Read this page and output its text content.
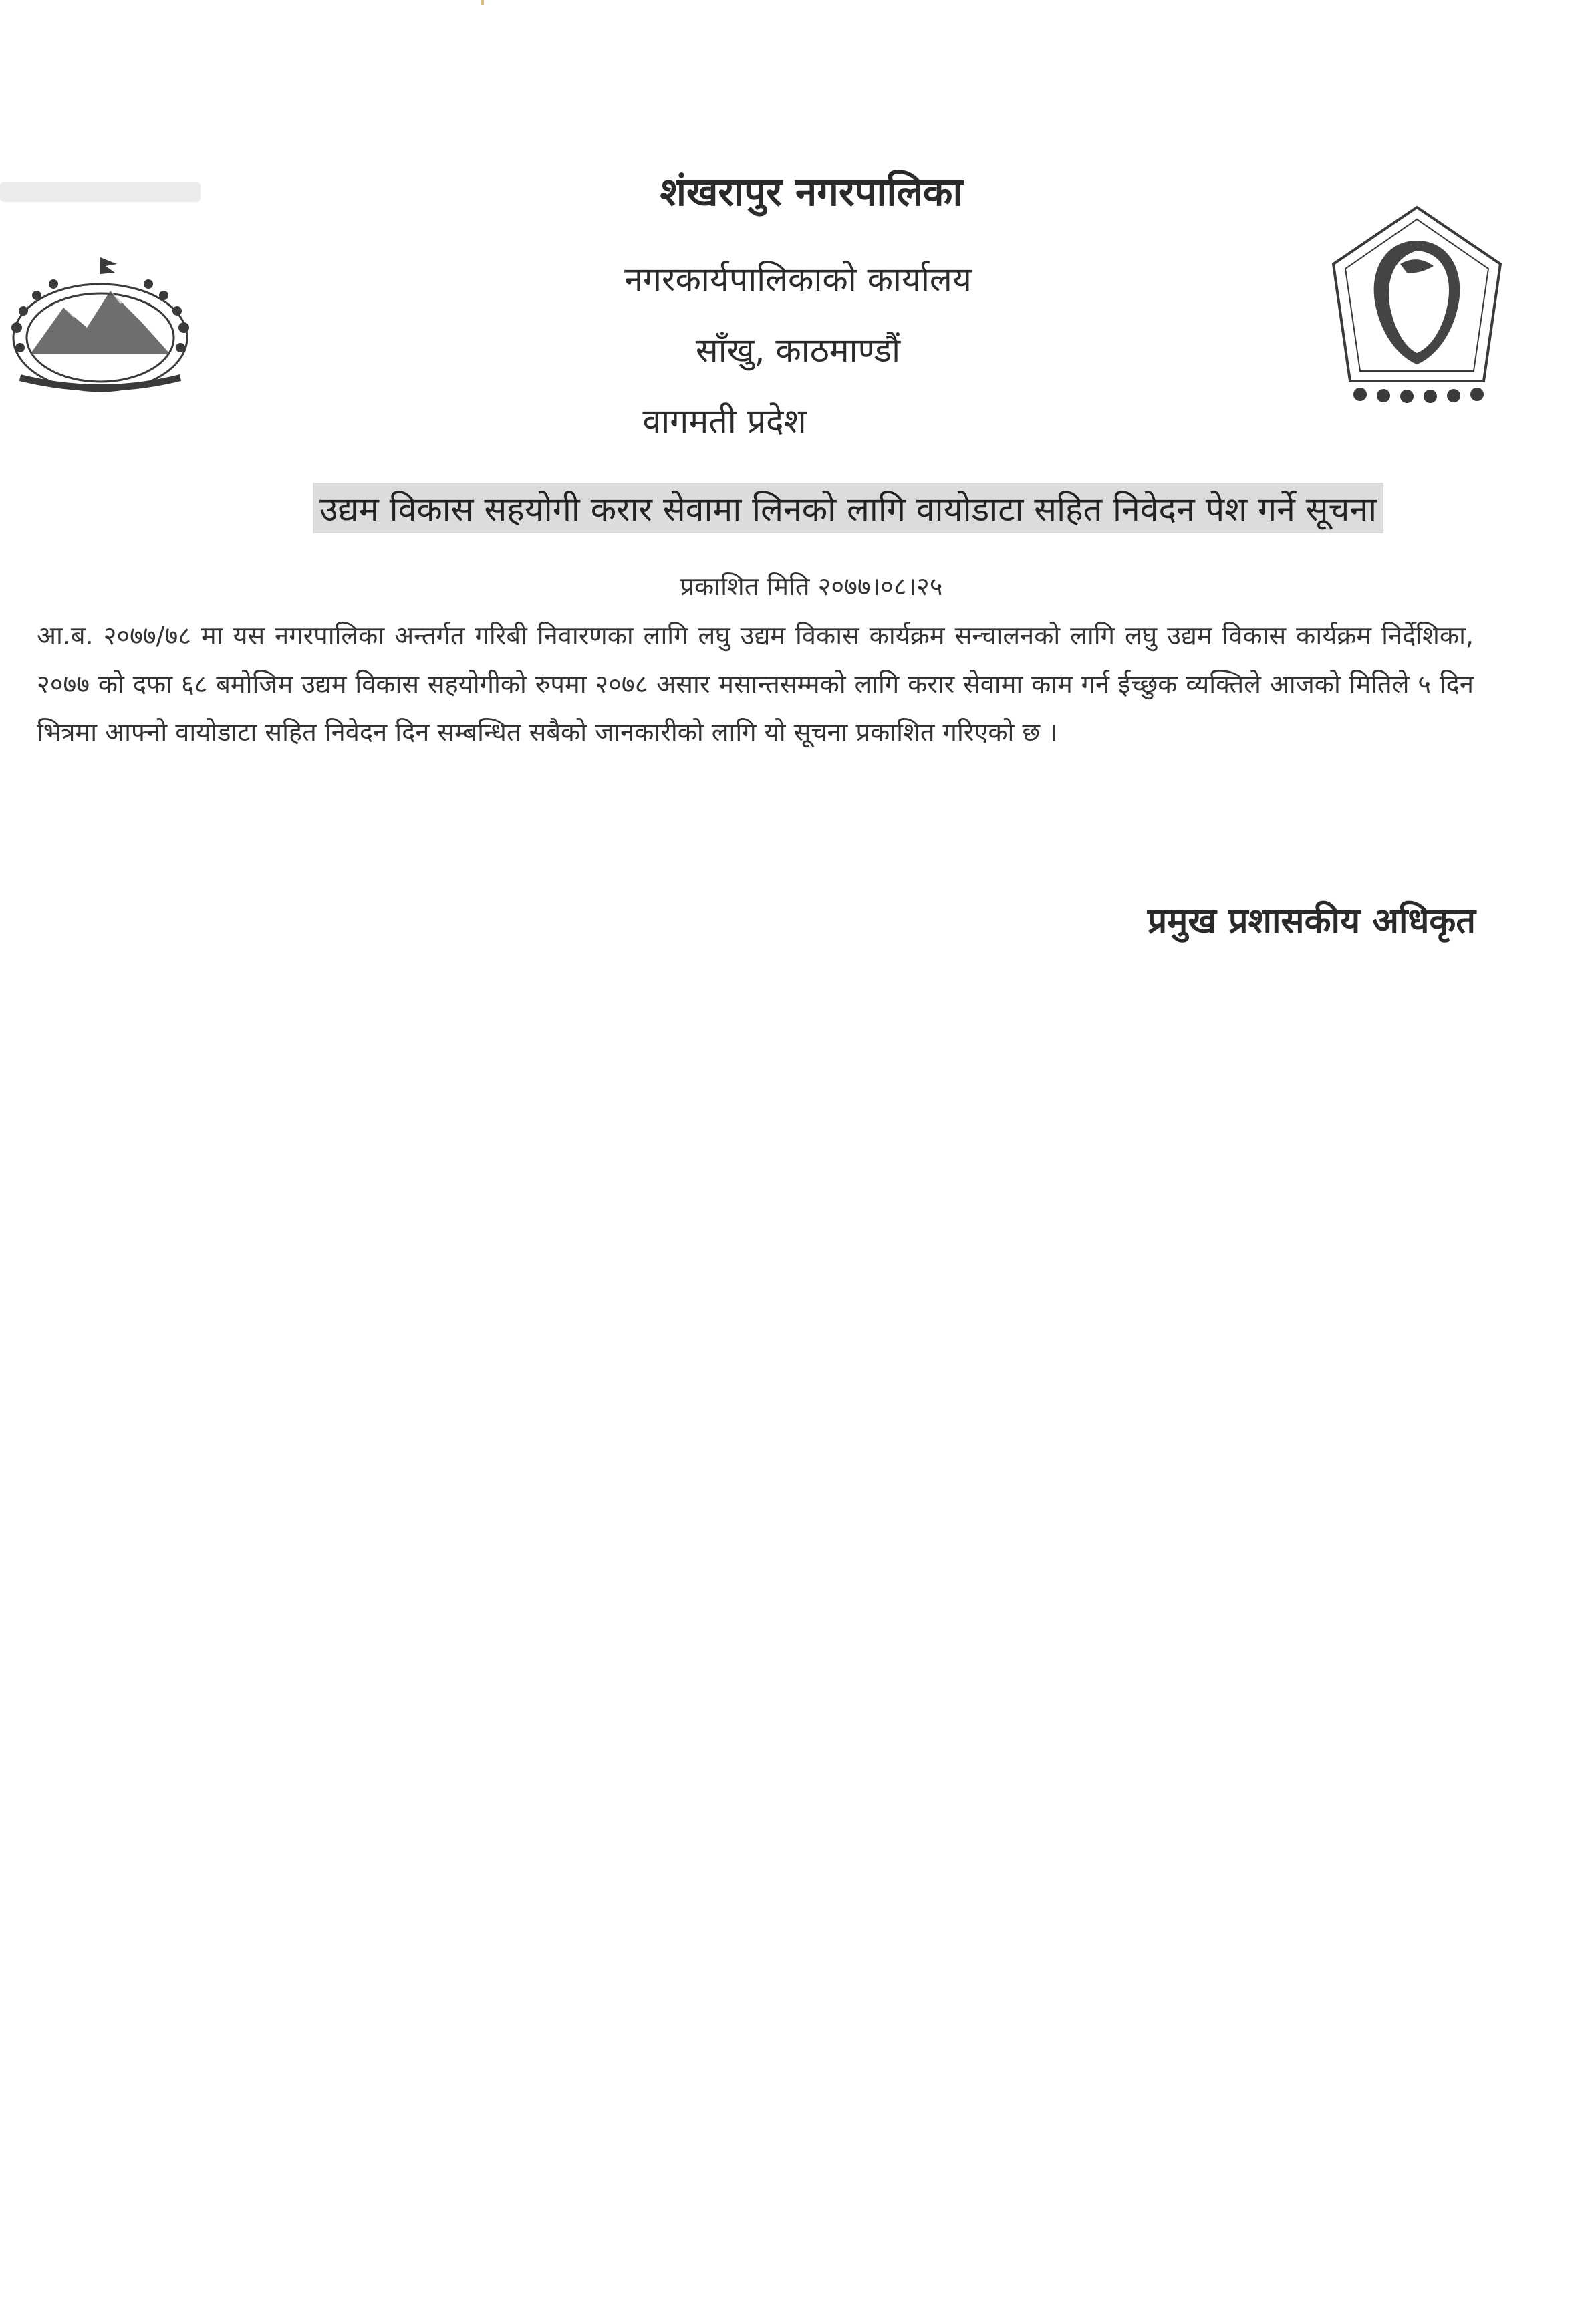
शंखरापुर नगरपालिका
नगरकार्यपालिकाको कार्यालय
साँखु, काठमाण्डौं
वागमती प्रदेश
उद्यम विकास सहयोगी करार सेवामा लिनको लागि वायोडाटा सहित निवेदन पेश गर्ने सूचना
प्रकाशित मिति २०७७।०८।२५
आ.ब. २०७७/७८ मा यस नगरपालिका अन्तर्गत गरिबी निवारणका लागि लघु उद्यम विकास कार्यक्रम सन्चालनको लागि लघु उद्यम विकास कार्यक्रम निर्देशिका, २०७७ को दफा ६८ बमोजिम उद्यम विकास सहयोगीको रुपमा २०७८ असार मसान्तसम्मको लागि करार सेवामा काम गर्न ईच्छुक व्यक्तिले आजको मितिले ५ दिन भित्रमा आफ्नो वायोडाटा सहित निवेदन दिन सम्बन्धित सबैको जानकारीको लागि यो सूचना प्रकाशित गरिएको छ ।
प्रमुख प्रशासकीय अधिकृत
